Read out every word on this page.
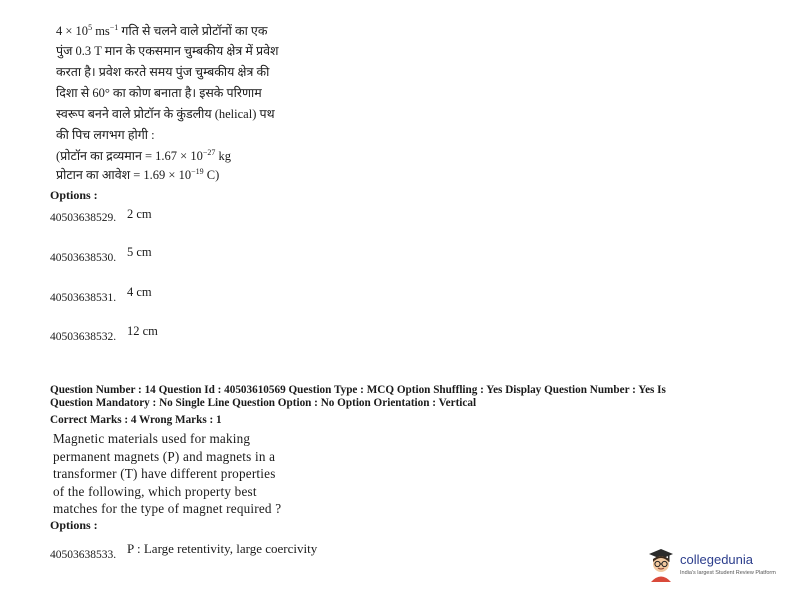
$4 \times 10^5$ $ms^{-1}$ गति से चलने वाले प्रोटॉनों का एक
पुंज 0.3 T मान के एकसमान चुम्बकीय क्षेत्र में प्रवेश
करता है। प्रवेश करते समय पुंज चुम्बकीय क्षेत्र की
दिशा से 60° का कोण बनाता है। इसके परिणाम
स्वरूप बनने वाले प्रोटॉन के कुंडलीय (helical) पथ
की पिच लगभग होगी :
(प्रोटॉन का द्रव्यमान = $1.67 \times 10^{-27}$ kg
प्रोटान का आवेश = $1.69 \times 10^{-19}$ C)
Options :
40503638529. 2 cm
40503638530. 5 cm
40503638531. 4 cm
40503638532. 12 cm
Question Number : 14 Question Id : 40503610569 Question Type : MCQ Option Shuffling : Yes Display Question Number : Yes Is
Question Mandatory : No Single Line Question Option : No Option Orientation : Vertical
Correct Marks : 4 Wrong Marks : 1
Magnetic materials used for making
permanent magnets (P) and magnets in a
transformer (T) have different properties
of the following, which property best
matches for the type of magnet required ?
Options :
40503638533. P : Large retentivity, large coercivity
collegedunia
India's largest Student Review Platform
